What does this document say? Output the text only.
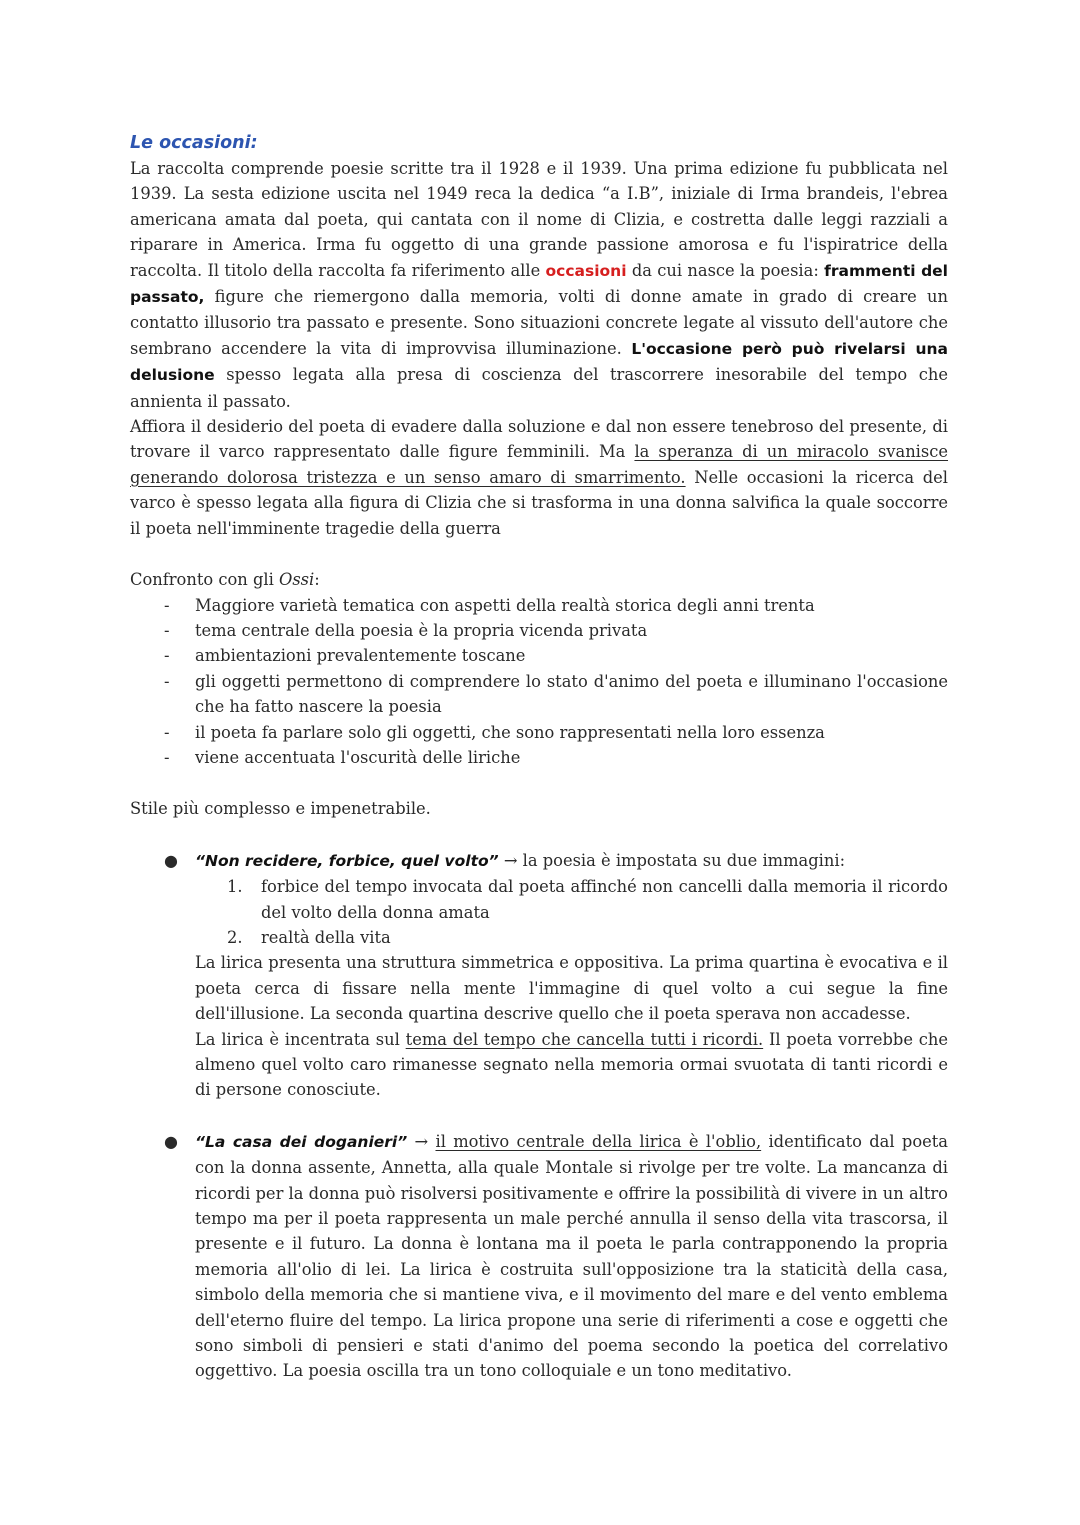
Le occasioni:

La raccolta comprende poesie scritte tra il 1928 e il 1939. Una prima edizione fu pubblicata nel 1939. La sesta edizione uscita nel 1949 reca la dedica “a I.B”, iniziale di Irma brandeis, l'ebrea americana amata dal poeta, qui cantata con il nome di Clizia, e costretta dalle leggi razziali a riparare in America. Irma fu oggetto di una grande passione amorosa e fu l'ispiratrice della raccolta. Il titolo della raccolta fa riferimento alle occasioni da cui nasce la poesia: frammenti del passato, figure che riemergono dalla memoria, volti di donne amate in grado di creare un contatto illusorio tra passato e presente. Sono situazioni concrete legate al vissuto dell'autore che sembrano accendere la vita di improvvisa illuminazione. L'occasione però può rivelarsi una delusione spesso legata alla presa di coscienza del trascorrere inesorabile del tempo che annienta il passato.

Affiora il desiderio del poeta di evadere dalla soluzione e dal non essere tenebroso del presente, di trovare il varco rappresentato dalle figure femminili. Ma la speranza di un miracolo svanisce generando dolorosa tristezza e un senso amaro di smarrimento. Nelle occasioni la ricerca del varco è spesso legata alla figura di Clizia che si trasforma in una donna salvifica la quale soccorre il poeta nell'imminente tragedie della guerra

Confronto con gli Ossi:

- Maggiore varietà tematica con aspetti della realtà storica degli anni trenta
- tema centrale della poesia è la propria vicenda privata
- ambientazioni prevalentemente toscane
- gli oggetti permettono di comprendere lo stato d'animo del poeta e illuminano l'occasione che ha fatto nascere la poesia

- il poeta fa parlare solo gli oggetti, che sono rappresentati nella loro essenza
- viene accentuata l'oscurità delle liriche

Stile più complesso e impenetrabile.

● “Non recidere, forbice, quel volto” → la poesia è impostata su due immagini:

1. forbice del tempo invocata dal poeta affinché non cancelli dalla memoria il ricordo del volto della donna amata

2. realtà della vita

La lirica presenta una struttura simmetrica e oppositiva. La prima quartina è evocativa e il poeta cerca di fissare nella mente l'immagine di quel volto a cui segue la fine dell'illusione. La seconda quartina descrive quello che il poeta sperava non accadesse.

La lirica è incentrata sul tema del tempo che cancella tutti i ricordi. Il poeta vorrebbe che almeno quel volto caro rimanesse segnato nella memoria ormai svuotata di tanti ricordi e di persone conosciute.

● “La casa dei doganieri” → il motivo centrale della lirica è l'oblio, identificato dal poeta con la donna assente, Annetta, alla quale Montale si rivolge per tre volte. La mancanza di ricordi per la donna può risolversi positivamente e offrire la possibilità di vivere in un altro tempo ma per il poeta rappresenta un male perché annulla il senso della vita trascorsa, il presente e il futuro. La donna è lontana ma il poeta le parla contrapponendo la propria memoria all'olio di lei. La lirica è costruita sull'opposizione tra la staticità della casa, simbolo della memoria che si mantiene viva, e il movimento del mare e del vento emblema dell'eterno fluire del tempo. La lirica propone una serie di riferimenti a cose e oggetti che sono simboli di pensieri e stati d'animo del poema secondo la poetica del correlativo oggettivo. La poesia oscilla tra un tono colloquiale e un tono meditativo.
